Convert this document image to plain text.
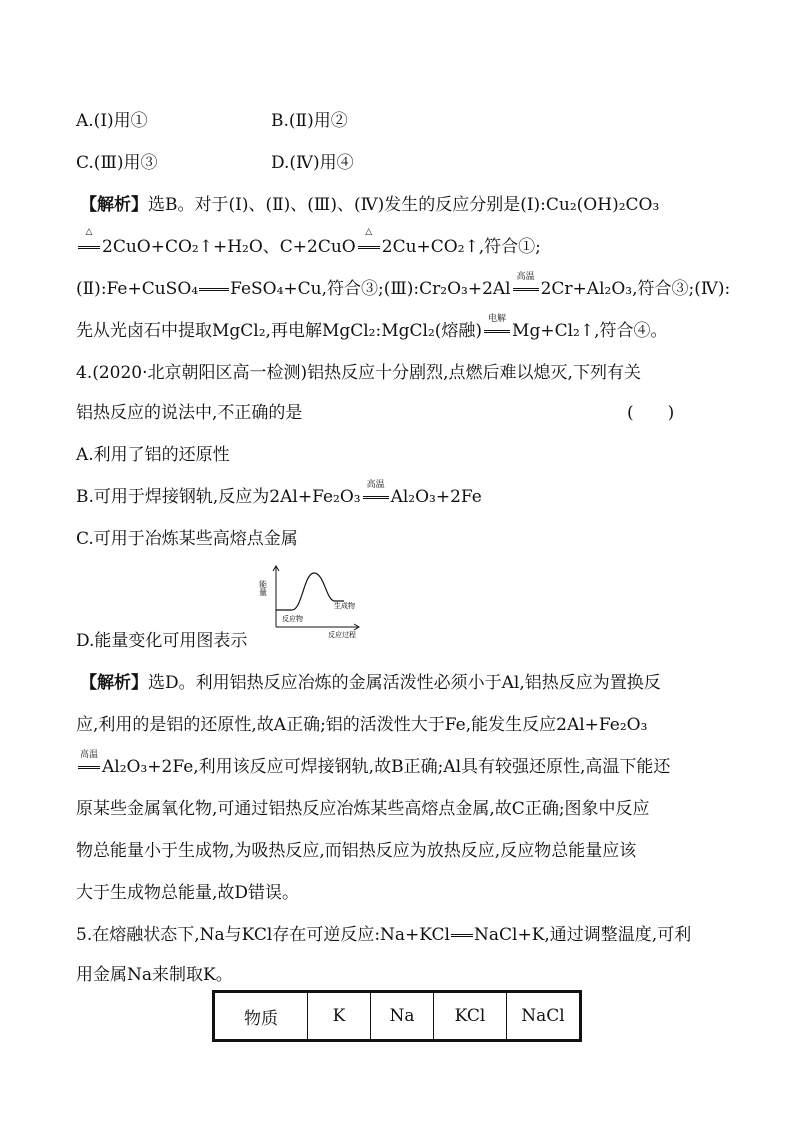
A.(Ⅰ)用①	B.(Ⅱ)用②
C.(Ⅲ)用③	D.(Ⅳ)用④
【解析】选B。对于(Ⅰ)、(Ⅱ)、(Ⅲ)、(Ⅳ)发生的反应分别是(Ⅰ):Cu₂(OH)₂CO₃
△
2CuO+CO₂↑+H₂O、C+2CuO
△
2Cu+CO₂↑,符合①;
(Ⅱ):Fe+CuSO₄ FeSO₄+Cu,符合③;(Ⅲ):Cr₂O₃+2Al
高温
2Cr+Al₂O₃,符合③;(Ⅳ):
先从光卤石中提取MgCl₂,再电解MgCl₂:MgCl₂(熔融)
电解
Mg+Cl₂↑,符合④。
4.(2020·北京朝阳区高一检测)铝热反应十分剧烈,点燃后难以熄灭,下列有关
铝热反应的说法中,不正确的是	(　　)
A.利用了铝的还原性
B.可用于焊接钢轨,反应为2Al+Fe₂O₃
高温
Al₂O₃+2Fe
C.可用于冶炼某些高熔点金属
能量
反应物
生成物
反应过程
D.能量变化可用图表示
【解析】选D。利用铝热反应冶炼的金属活泼性必须小于Al,铝热反应为置换反
应,利用的是铝的还原性,故A正确;铝的活泼性大于Fe,能发生反应2Al+Fe₂O₃
高温
Al₂O₃+2Fe,利用该反应可焊接钢轨,故B正确;Al具有较强还原性,高温下能还
原某些金属氧化物,可通过铝热反应冶炼某些高熔点金属,故C正确;图象中反应
物总能量小于生成物,为吸热反应,而铝热反应为放热反应,反应物总能量应该
大于生成物总能量,故D错误。
5.在熔融状态下,Na与KCl存在可逆反应:Na+KCl NaCl+K,通过调整温度,可利
用金属Na来制取K。
物质	K	Na	KCl	NaCl
